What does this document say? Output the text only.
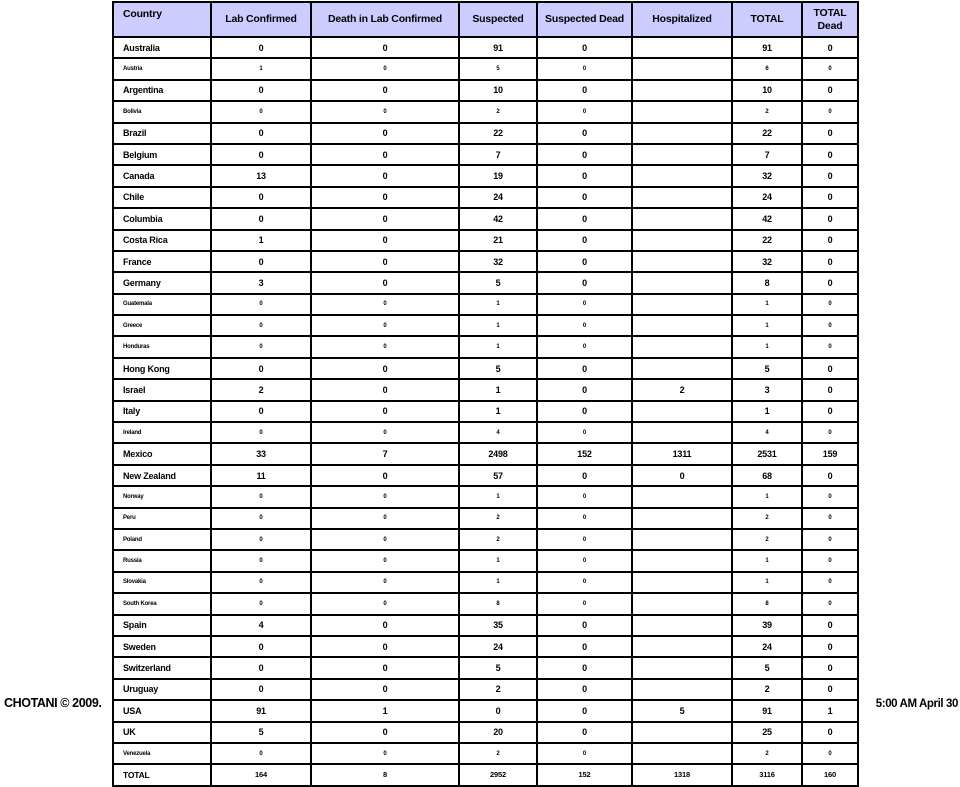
Country	Lab Confirmed	Death in Lab Confirmed	Suspected	Suspected Dead	Hospitalized	TOTAL	TOTAL Dead
Australia	0	0	91	0		91	0
Austria	1	0	5	0		6	0
Argentina	0	0	10	0		10	0
Bolivia	0	0	2	0		2	0
Brazil	0	0	22	0		22	0
Belgium	0	0	7	0		7	0
Canada	13	0	19	0		32	0
Chile	0	0	24	0		24	0
Columbia	0	0	42	0		42	0
Costa Rica	1	0	21	0		22	0
France	0	0	32	0		32	0
Germany	3	0	5	0		8	0
Guatemala	0	0	1	0		1	0
Greece	0	0	1	0		1	0
Honduras	0	0	1	0		1	0
Hong Kong	0	0	5	0		5	0
Israel	2	0	1	0	2	3	0
Italy	0	0	1	0		1	0
Ireland	0	0	4	0		4	0
Mexico	33	7	2498	152	1311	2531	159
New Zealand	11	0	57	0	0	68	0
Norway	0	0	1	0		1	0
Peru	0	0	2	0		2	0
Poland	0	0	2	0		2	0
Russia	0	0	1	0		1	0
Slovakia	0	0	1	0		1	0
South Korea	0	0	8	0		8	0
Spain	4	0	35	0		39	0
Sweden	0	0	24	0		24	0
Switzerland	0	0	5	0		5	0
Uruguay	0	0	2	0		2	0
USA	91	1	0	0	5	91	1
UK	5	0	20	0		25	0
Venezuela	0	0	2	0		2	0
TOTAL	164	8	2952	152	1318	3116	160
CHOTANI © 2009.	5:00 AM April 30
